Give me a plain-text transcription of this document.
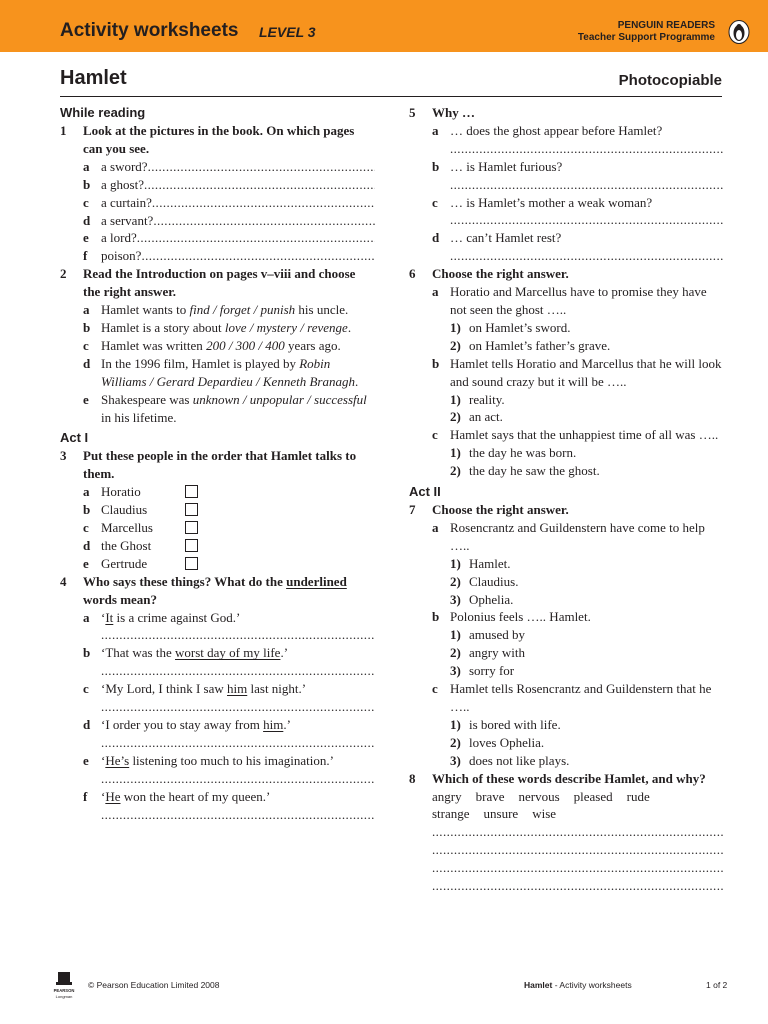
Activity worksheets LEVEL 3	PENGUIN READERS
Teacher Support Programme
Hamlet	Photocopiable
While reading
1 Look at the pictures in the book. On which pages can you see.
a a sword? .....
b a ghost? .....
c a curtain? .....
d a servant? .....
e a lord? .....
f poison? .....
2 Read the Introduction on pages v–viii and choose the right answer.
a Hamlet wants to find / forget / punish his uncle.
b Hamlet is a story about love / mystery / revenge.
c Hamlet was written 200 / 300 / 400 years ago.
d In the 1996 film, Hamlet is played by Robin Williams / Gerard Depardieu / Kenneth Branagh.
e Shakespeare was unknown / unpopular / successful in his lifetime.
Act I
3 Put these people in the order that Hamlet talks to them.
a Horatio
b Claudius
c Marcellus
d the Ghost
e Gertrude
4 Who says these things? What do the underlined words mean?
a ‘It is a crime against God.’
.....
b ‘That was the worst day of my life.’
.....
c ‘My Lord, I think I saw him last night.’
.....
d ‘I order you to stay away from him.’
.....
e ‘He’s listening too much to his imagination.’
.....
f ‘He won the heart of my queen.’
.....
5 Why …
a … does the ghost appear before Hamlet?
.....
b … is Hamlet furious?
.....
c … is Hamlet’s mother a weak woman?
.....
d … can’t Hamlet rest?
.....
6 Choose the right answer.
a Horatio and Marcellus have to promise they have not seen the ghost …..
1) on Hamlet’s sword.
2) on Hamlet’s father’s grave.
b Hamlet tells Horatio and Marcellus that he will look and sound crazy but it will be …..
1) reality.
2) an act.
c Hamlet says that the unhappiest time of all was …..
1) the day he was born.
2) the day he saw the ghost.
Act II
7 Choose the right answer.
a Rosencrantz and Guildenstern have come to help …..
1) Hamlet.
2) Claudius.
3) Ophelia.
b Polonius feels ….. Hamlet.
1) amused by
2) angry with
3) sorry for
c Hamlet tells Rosencrantz and Guildenstern that he …..
1) is bored with life.
2) loves Ophelia.
3) does not like plays.
8 Which of these words describe Hamlet, and why?
angry brave nervous pleased rude
strange unsure wise
.....
.....
.....
.....
PEARSON
Longman
© Pearson Education Limited 2008	Hamlet - Activity worksheets	1 of 2
